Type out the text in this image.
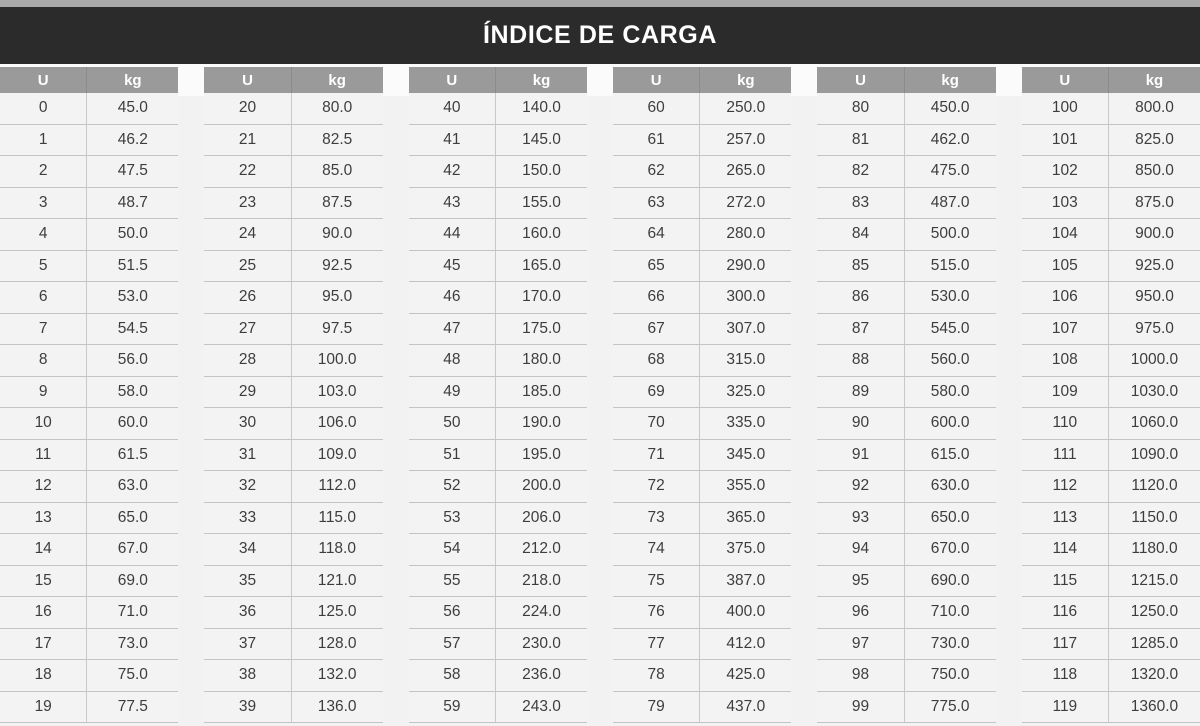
ÍNDICE DE CARGA
U	kg
0	45.0
1	46.2
2	47.5
3	48.7
4	50.0
5	51.5
6	53.0
7	54.5
8	56.0
9	58.0
10	60.0
11	61.5
12	63.0
13	65.0
14	67.0
15	69.0
16	71.0
17	73.0
18	75.0
19	77.5
U	kg
20	80.0
21	82.5
22	85.0
23	87.5
24	90.0
25	92.5
26	95.0
27	97.5
28	100.0
29	103.0
30	106.0
31	109.0
32	112.0
33	115.0
34	118.0
35	121.0
36	125.0
37	128.0
38	132.0
39	136.0
U	kg
40	140.0
41	145.0
42	150.0
43	155.0
44	160.0
45	165.0
46	170.0
47	175.0
48	180.0
49	185.0
50	190.0
51	195.0
52	200.0
53	206.0
54	212.0
55	218.0
56	224.0
57	230.0
58	236.0
59	243.0
U	kg
60	250.0
61	257.0
62	265.0
63	272.0
64	280.0
65	290.0
66	300.0
67	307.0
68	315.0
69	325.0
70	335.0
71	345.0
72	355.0
73	365.0
74	375.0
75	387.0
76	400.0
77	412.0
78	425.0
79	437.0
U	kg
80	450.0
81	462.0
82	475.0
83	487.0
84	500.0
85	515.0
86	530.0
87	545.0
88	560.0
89	580.0
90	600.0
91	615.0
92	630.0
93	650.0
94	670.0
95	690.0
96	710.0
97	730.0
98	750.0
99	775.0
U	kg
100	800.0
101	825.0
102	850.0
103	875.0
104	900.0
105	925.0
106	950.0
107	975.0
108	1000.0
109	1030.0
110	1060.0
111	1090.0
112	1120.0
113	1150.0
114	1180.0
115	1215.0
116	1250.0
117	1285.0
118	1320.0
119	1360.0
